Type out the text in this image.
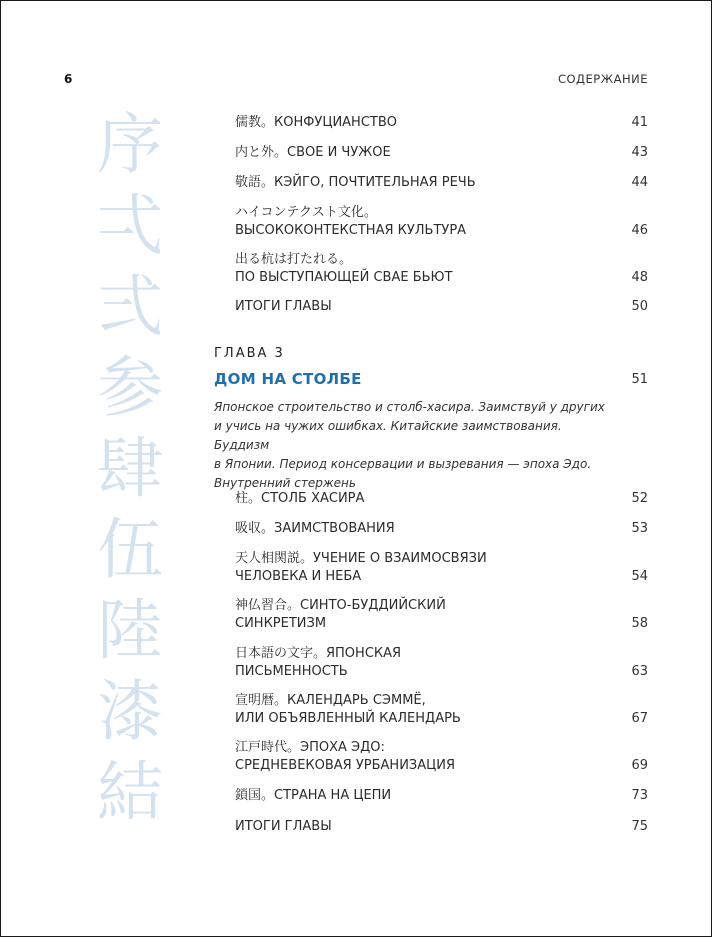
6	СОДЕРЖАНИЕ
序
弌
弍
参
肆
伍
陸
漆
結
儒教。КОНФУЦИАНСТВО	41
内と外。СВОЕ И ЧУЖОЕ	43
敬語。КЭЙГО, ПОЧТИТЕЛЬНАЯ РЕЧЬ	44
ハイコンテクスト文化。
ВЫСОКОКОНТЕКСТНАЯ КУЛЬТУРА	46
出る杭は打たれる。
ПО ВЫСТУПАЮЩЕЙ СВАЕ БЬЮТ	48
ИТОГИ ГЛАВЫ	50
ГЛАВА 3
ДОМ НА СТОЛБЕ	51
Японское строительство и столб-хасира. Заимствуй у других
и учись на чужих ошибках. Китайские заимствования. Буддизм
в Японии. Период консервации и вызревания — эпоха Эдо.
Внутренний стержень
柱。СТОЛБ ХАСИРА	52
吸収。ЗАИМСТВОВАНИЯ	53
天人相関説。УЧЕНИЕ О ВЗАИМОСВЯЗИ
ЧЕЛОВЕКА И НЕБА	54
神仏習合。СИНТО-БУДДИЙСКИЙ
СИНКРЕТИЗМ	58
日本語の文字。ЯПОНСКАЯ
ПИСЬМЕННОСТЬ	63
宣明暦。КАЛЕНДАРЬ СЭММЁ,
ИЛИ ОБЪЯВЛЕННЫЙ КАЛЕНДАРЬ	67
江戸時代。ЭПОХА ЭДО:
СРЕДНЕВЕКОВАЯ УРБАНИЗАЦИЯ	69
鎖国。СТРАНА НА ЦЕПИ	73
ИТОГИ ГЛАВЫ	75
